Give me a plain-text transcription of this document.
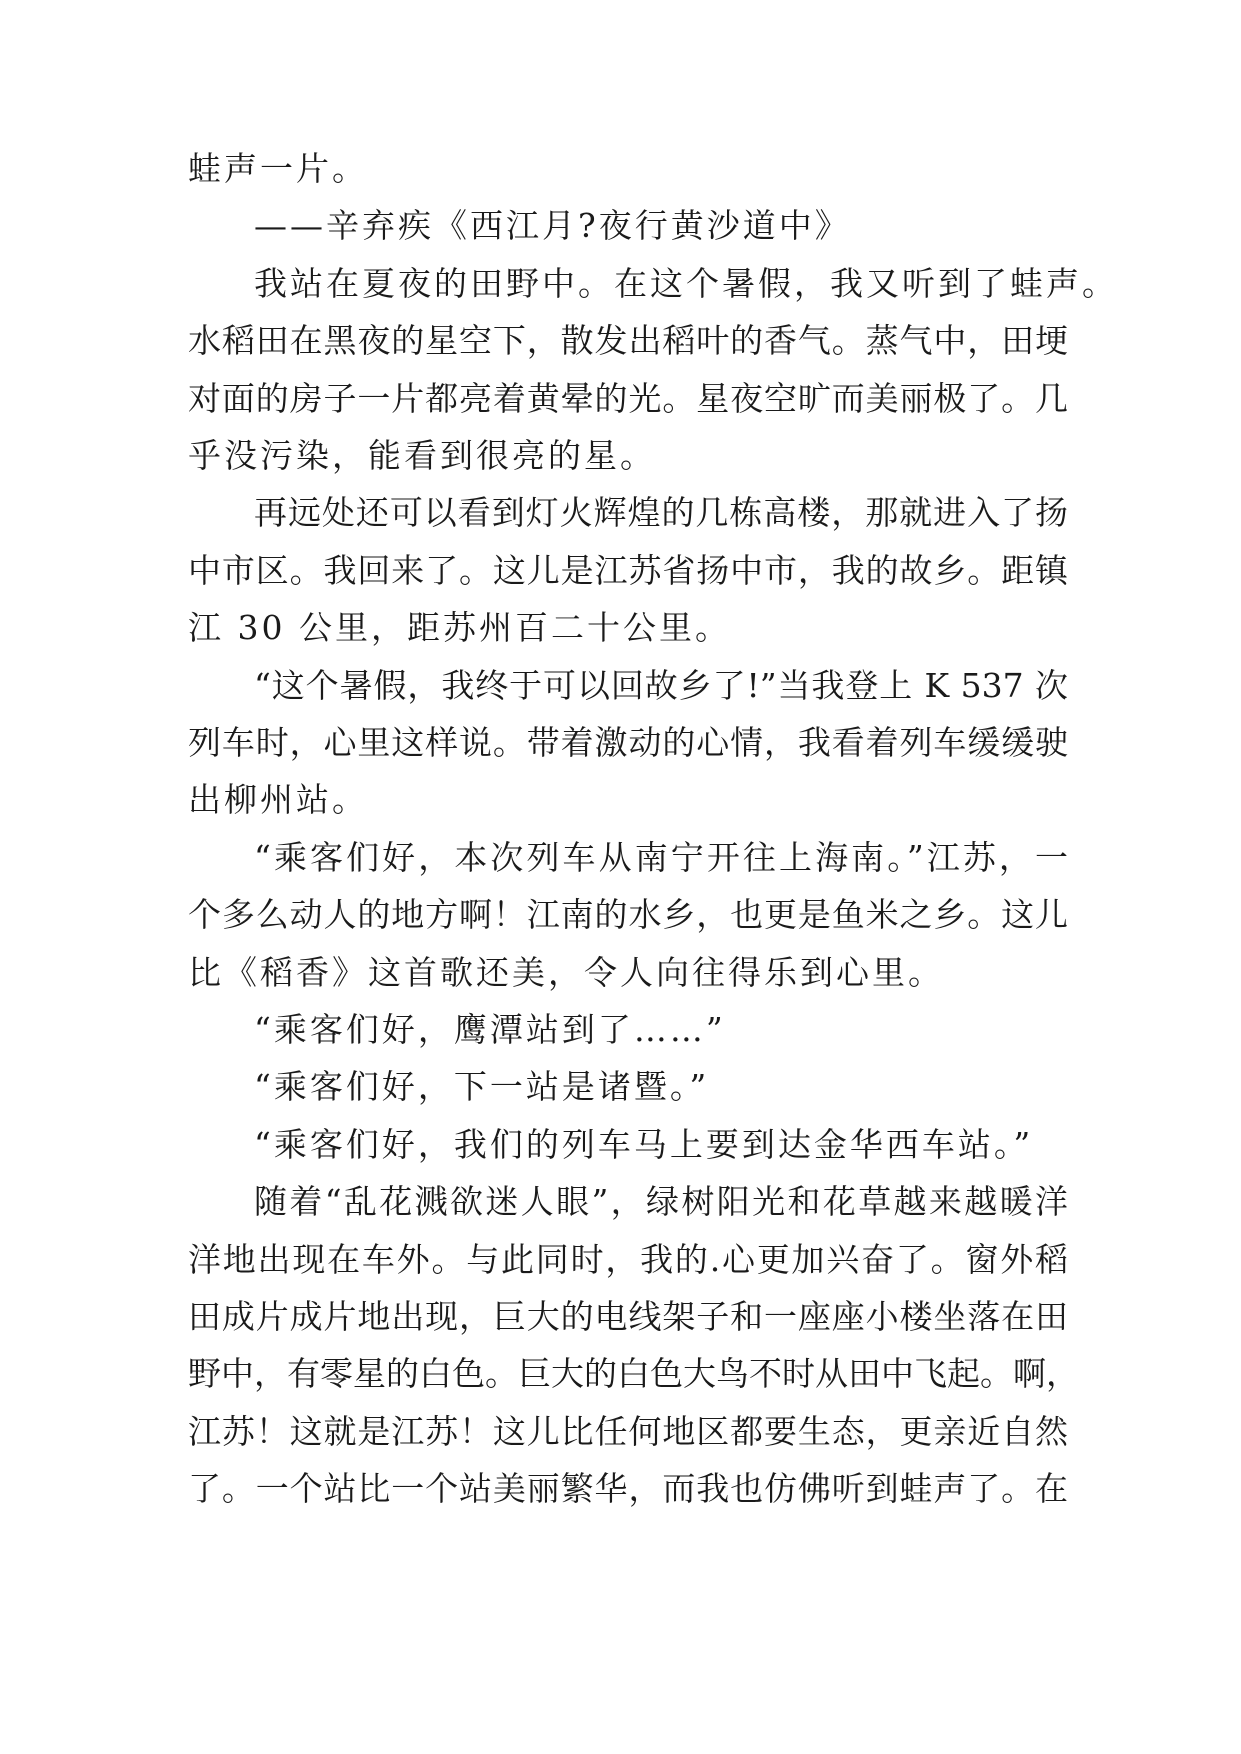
蛙声一片。
——辛弃疾《西江月?夜行黄沙道中》
我站在夏夜的田野中。在这个暑假，我又听到了蛙声。
水稻田在黑夜的星空下，散发出稻叶的香气。蒸气中，田埂
对面的房子一片都亮着黄晕的光。星夜空旷而美丽极了。几
乎没污染，能看到很亮的星。
再远处还可以看到灯火辉煌的几栋高楼，那就进入了扬
中市区。我回来了。这儿是江苏省扬中市，我的故乡。距镇
江 30 公里，距苏州百二十公里。
“这个暑假，我终于可以回故乡了!”当我登上 K 537 次
列车时，心里这样说。带着激动的心情，我看着列车缓缓驶
出柳州站。
“乘客们好，本次列车从南宁开往上海南。”江苏，一
个多么动人的地方啊！江南的水乡，也更是鱼米之乡。这儿
比《稻香》这首歌还美，令人向往得乐到心里。
“乘客们好，鹰潭站到了……”
“乘客们好，下一站是诸暨。”
“乘客们好，我们的列车马上要到达金华西车站。”
随着“乱花溅欲迷人眼”，绿树阳光和花草越来越暖洋
洋地出现在车外。与此同时，我的.心更加兴奋了。窗外稻
田成片成片地出现，巨大的电线架子和一座座小楼坐落在田
野中，有零星的白色。巨大的白色大鸟不时从田中飞起。啊，
江苏！这就是江苏！这儿比任何地区都要生态，更亲近自然
了。一个站比一个站美丽繁华，而我也仿佛听到蛙声了。在
